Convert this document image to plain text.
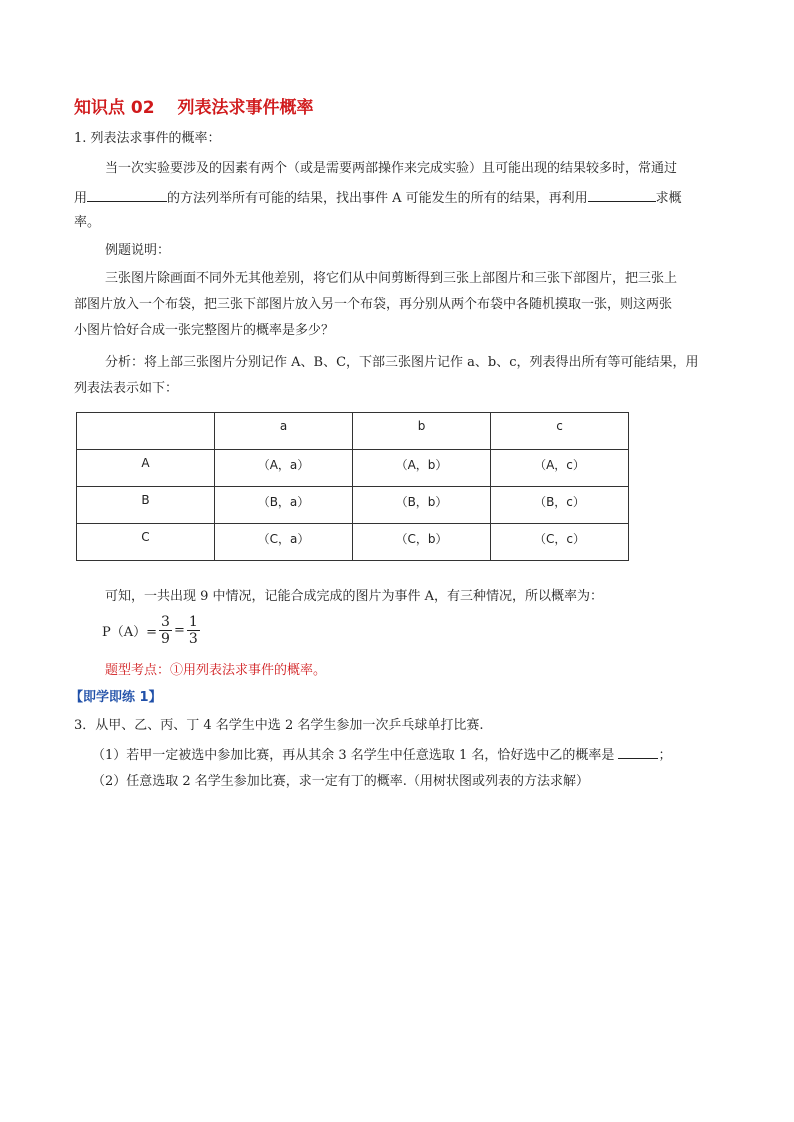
知识点 02　 列表法求事件概率
1. 列表法求事件的概率：
当一次实验要涉及的因素有两个（或是需要两部操作来完成实验）且可能出现的结果较多时，常通过
用	的方法列举所有可能的结果，找出事件 A 可能发生的所有的结果，再利用	求概
率。
例题说明：
三张图片除画面不同外无其他差别，将它们从中间剪断得到三张上部图片和三张下部图片，把三张上
部图片放入一个布袋，把三张下部图片放入另一个布袋，再分别从两个布袋中各随机摸取一张，则这两张
小图片恰好合成一张完整图片的概率是多少？
分析：将上部三张图片分别记作 A、B、C，下部三张图片记作 a、b、c，列表得出所有等可能结果，用
列表法表示如下：
	a	b	c
A	（A，a）	（A，b）	（A，c）
B	（B，a）	（B，b）	（B，c）
C	（C，a）	（C，b）	（C，c）
可知，一共出现 9 中情况，记能合成完成的图片为事件 A，有三种情况，所以概率为：
$P(A)= \frac{3}{9} = \frac{1}{3}$
题型考点：①用列表法求事件的概率。
【即学即练 1】
3．从甲、乙、丙、丁 4 名学生中选 2 名学生参加一次乒乓球单打比赛.
（1）若甲一定被选中参加比赛，再从其余 3 名学生中任意选取 1 名，恰好选中乙的概率是	；
（2）任意选取 2 名学生参加比赛，求一定有丁的概率.（用树状图或列表的方法求解）
